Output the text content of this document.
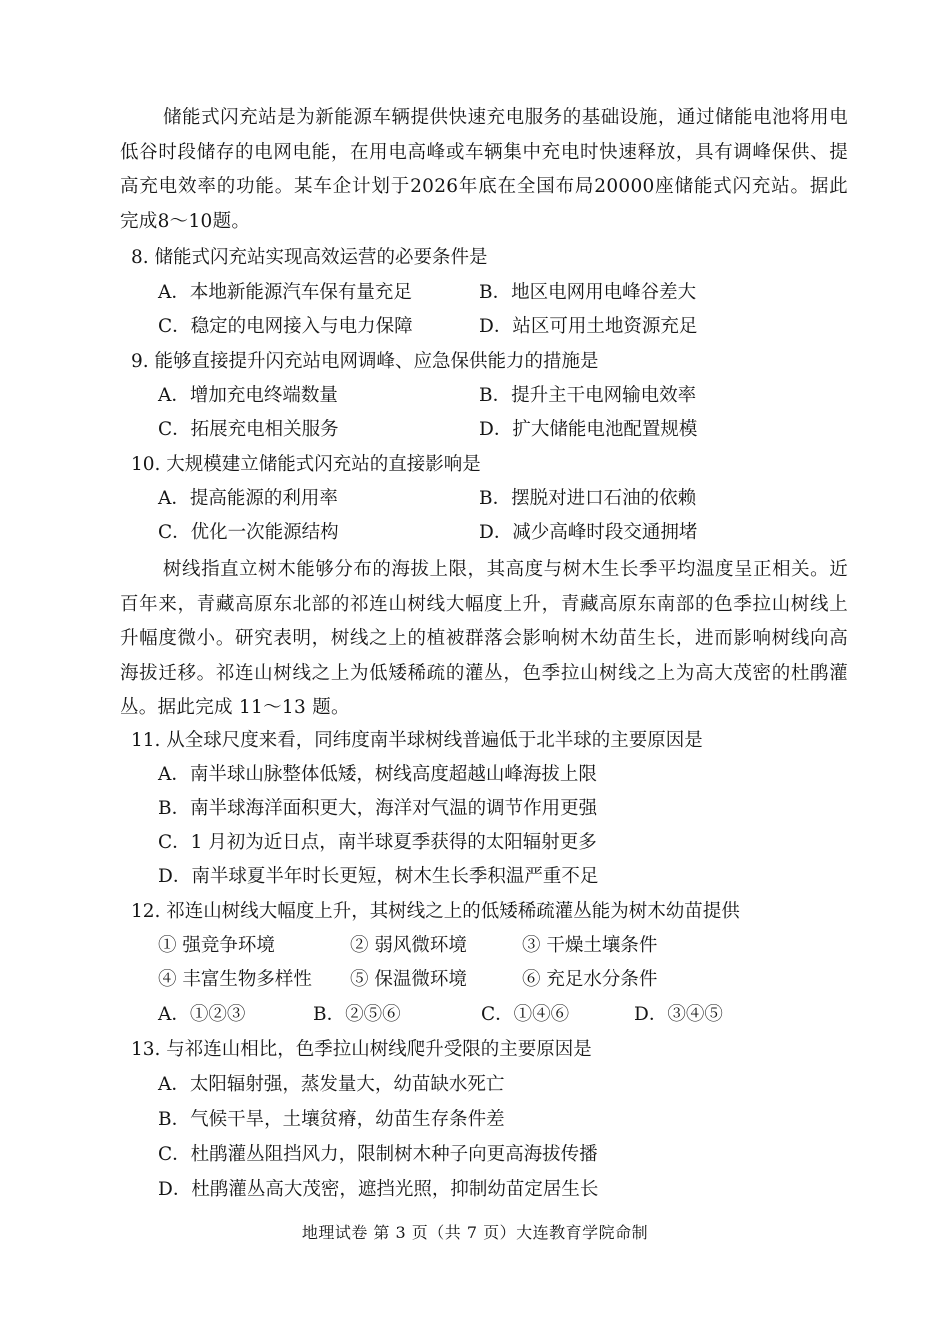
储能式闪充站是为新能源车辆提供快速充电服务的基础设施，通过储能电池将用电低谷时段储存的电网电能，在用电高峰或车辆集中充电时快速释放，具有调峰保供、提高充电效率的功能。某车企计划于2026年底在全国布局20000座储能式闪充站。据此完成8～10题。
8. 储能式闪充站实现高效运营的必要条件是
A．本地新能源汽车保有量充足	B．地区电网用电峰谷差大
C．稳定的电网接入与电力保障	D．站区可用土地资源充足
9. 能够直接提升闪充站电网调峰、应急保供能力的措施是
A．增加充电终端数量	B．提升主干电网输电效率
C．拓展充电相关服务	D．扩大储能电池配置规模
10. 大规模建立储能式闪充站的直接影响是
A．提高能源的利用率	B．摆脱对进口石油的依赖
C．优化一次能源结构	D．减少高峰时段交通拥堵
树线指直立树木能够分布的海拔上限，其高度与树木生长季平均温度呈正相关。近百年来，青藏高原东北部的祁连山树线大幅度上升，青藏高原东南部的色季拉山树线上升幅度微小。研究表明，树线之上的植被群落会影响树木幼苗生长，进而影响树线向高海拔迁移。祁连山树线之上为低矮稀疏的灌丛，色季拉山树线之上为高大茂密的杜鹃灌丛。据此完成 11～13 题。
11. 从全球尺度来看，同纬度南半球树线普遍低于北半球的主要原因是
A．南半球山脉整体低矮，树线高度超越山峰海拔上限
B．南半球海洋面积更大，海洋对气温的调节作用更强
C．1 月初为近日点，南半球夏季获得的太阳辐射更多
D．南半球夏半年时长更短，树木生长季积温严重不足
12. 祁连山树线大幅度上升，其树线之上的低矮稀疏灌丛能为树木幼苗提供
① 强竞争环境	② 弱风微环境	③ 干燥土壤条件
④ 丰富生物多样性 ⑤ 保温微环境	⑥ 充足水分条件
A．①②③	B．②⑤⑥	C．①④⑥	D．③④⑤
13. 与祁连山相比，色季拉山树线爬升受限的主要原因是
A．太阳辐射强，蒸发量大，幼苗缺水死亡
B．气候干旱，土壤贫瘠，幼苗生存条件差
C．杜鹃灌丛阻挡风力，限制树木种子向更高海拔传播
D．杜鹃灌丛高大茂密，遮挡光照，抑制幼苗定居生长
地理试卷 第 3 页（共 7 页）大连教育学院命制
